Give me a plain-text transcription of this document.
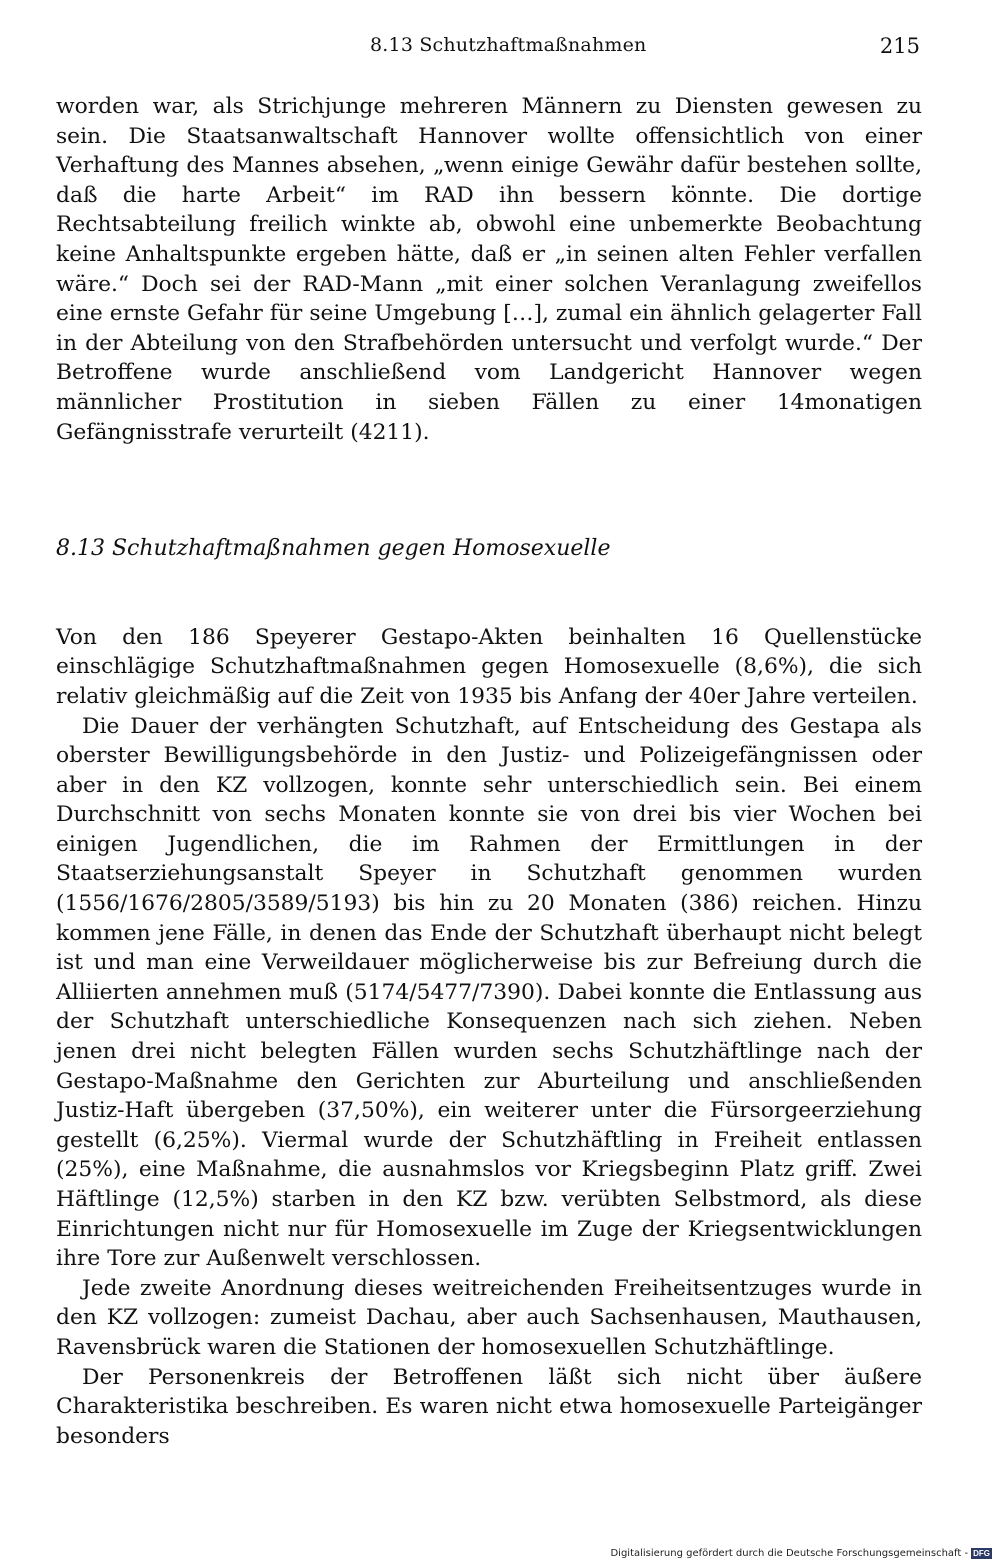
8.13 Schutzhaftmaßnahmen	215

worden war, als Strichjunge mehreren Männern zu Diensten gewesen zu sein. Die Staatsanwaltschaft Hannover wollte offensichtlich von einer Verhaftung des Mannes absehen, „wenn einige Gewähr dafür bestehen sollte, daß die harte Arbeit“ im RAD ihn bessern könnte. Die dortige Rechtsabteilung freilich winkte ab, obwohl eine unbemerkte Beobachtung keine Anhaltspunkte ergeben hätte, daß er „in seinen alten Fehler verfallen wäre.“ Doch sei der RAD-Mann „mit einer solchen Veranlagung zweifellos eine ernste Gefahr für seine Umgebung […], zumal ein ähnlich gelagerter Fall in der Abteilung von den Strafbehörden untersucht und verfolgt wurde.“ Der Betroffene wurde anschließend vom Landgericht Hannover wegen männlicher Prostitution in sieben Fällen zu einer 14monatigen Gefängnisstrafe verurteilt (4211).

8.13 Schutzhaftmaßnahmen gegen Homosexuelle

Von den 186 Speyerer Gestapo-Akten beinhalten 16 Quellenstücke einschlägige Schutzhaftmaßnahmen gegen Homosexuelle (8,6%), die sich relativ gleichmäßig auf die Zeit von 1935 bis Anfang der 40er Jahre verteilen.

Die Dauer der verhängten Schutzhaft, auf Entscheidung des Gestapa als oberster Bewilligungsbehörde in den Justiz- und Polizeigefängnissen oder aber in den KZ vollzogen, konnte sehr unterschiedlich sein. Bei einem Durchschnitt von sechs Monaten konnte sie von drei bis vier Wochen bei einigen Jugendlichen, die im Rahmen der Ermittlungen in der Staatserziehungsanstalt Speyer in Schutzhaft genommen wurden (1556/1676/2805/3589/5193) bis hin zu 20 Monaten (386) reichen. Hinzu kommen jene Fälle, in denen das Ende der Schutzhaft überhaupt nicht belegt ist und man eine Verweildauer möglicherweise bis zur Befreiung durch die Alliierten annehmen muß (5174/5477/7390). Dabei konnte die Entlassung aus der Schutzhaft unterschiedliche Konsequenzen nach sich ziehen. Neben jenen drei nicht belegten Fällen wurden sechs Schutzhäftlinge nach der Gestapo-Maßnahme den Gerichten zur Aburteilung und anschließenden Justiz-Haft übergeben (37,50%), ein weiterer unter die Fürsorgeerziehung gestellt (6,25%). Viermal wurde der Schutzhäftling in Freiheit entlassen (25%), eine Maßnahme, die ausnahmslos vor Kriegsbeginn Platz griff. Zwei Häftlinge (12,5%) starben in den KZ bzw. verübten Selbstmord, als diese Einrichtungen nicht nur für Homosexuelle im Zuge der Kriegsentwicklungen ihre Tore zur Außenwelt verschlossen.

Jede zweite Anordnung dieses weitreichenden Freiheitsentzuges wurde in den KZ vollzogen: zumeist Dachau, aber auch Sachsenhausen, Mauthausen, Ravensbrück waren die Stationen der homosexuellen Schutzhäftlinge.

Der Personenkreis der Betroffenen läßt sich nicht über äußere Charakteristika beschreiben. Es waren nicht etwa homosexuelle Parteigänger besonders

Digitalisierung gefördert durch die Deutsche Forschungsgemeinschaft - DFG
